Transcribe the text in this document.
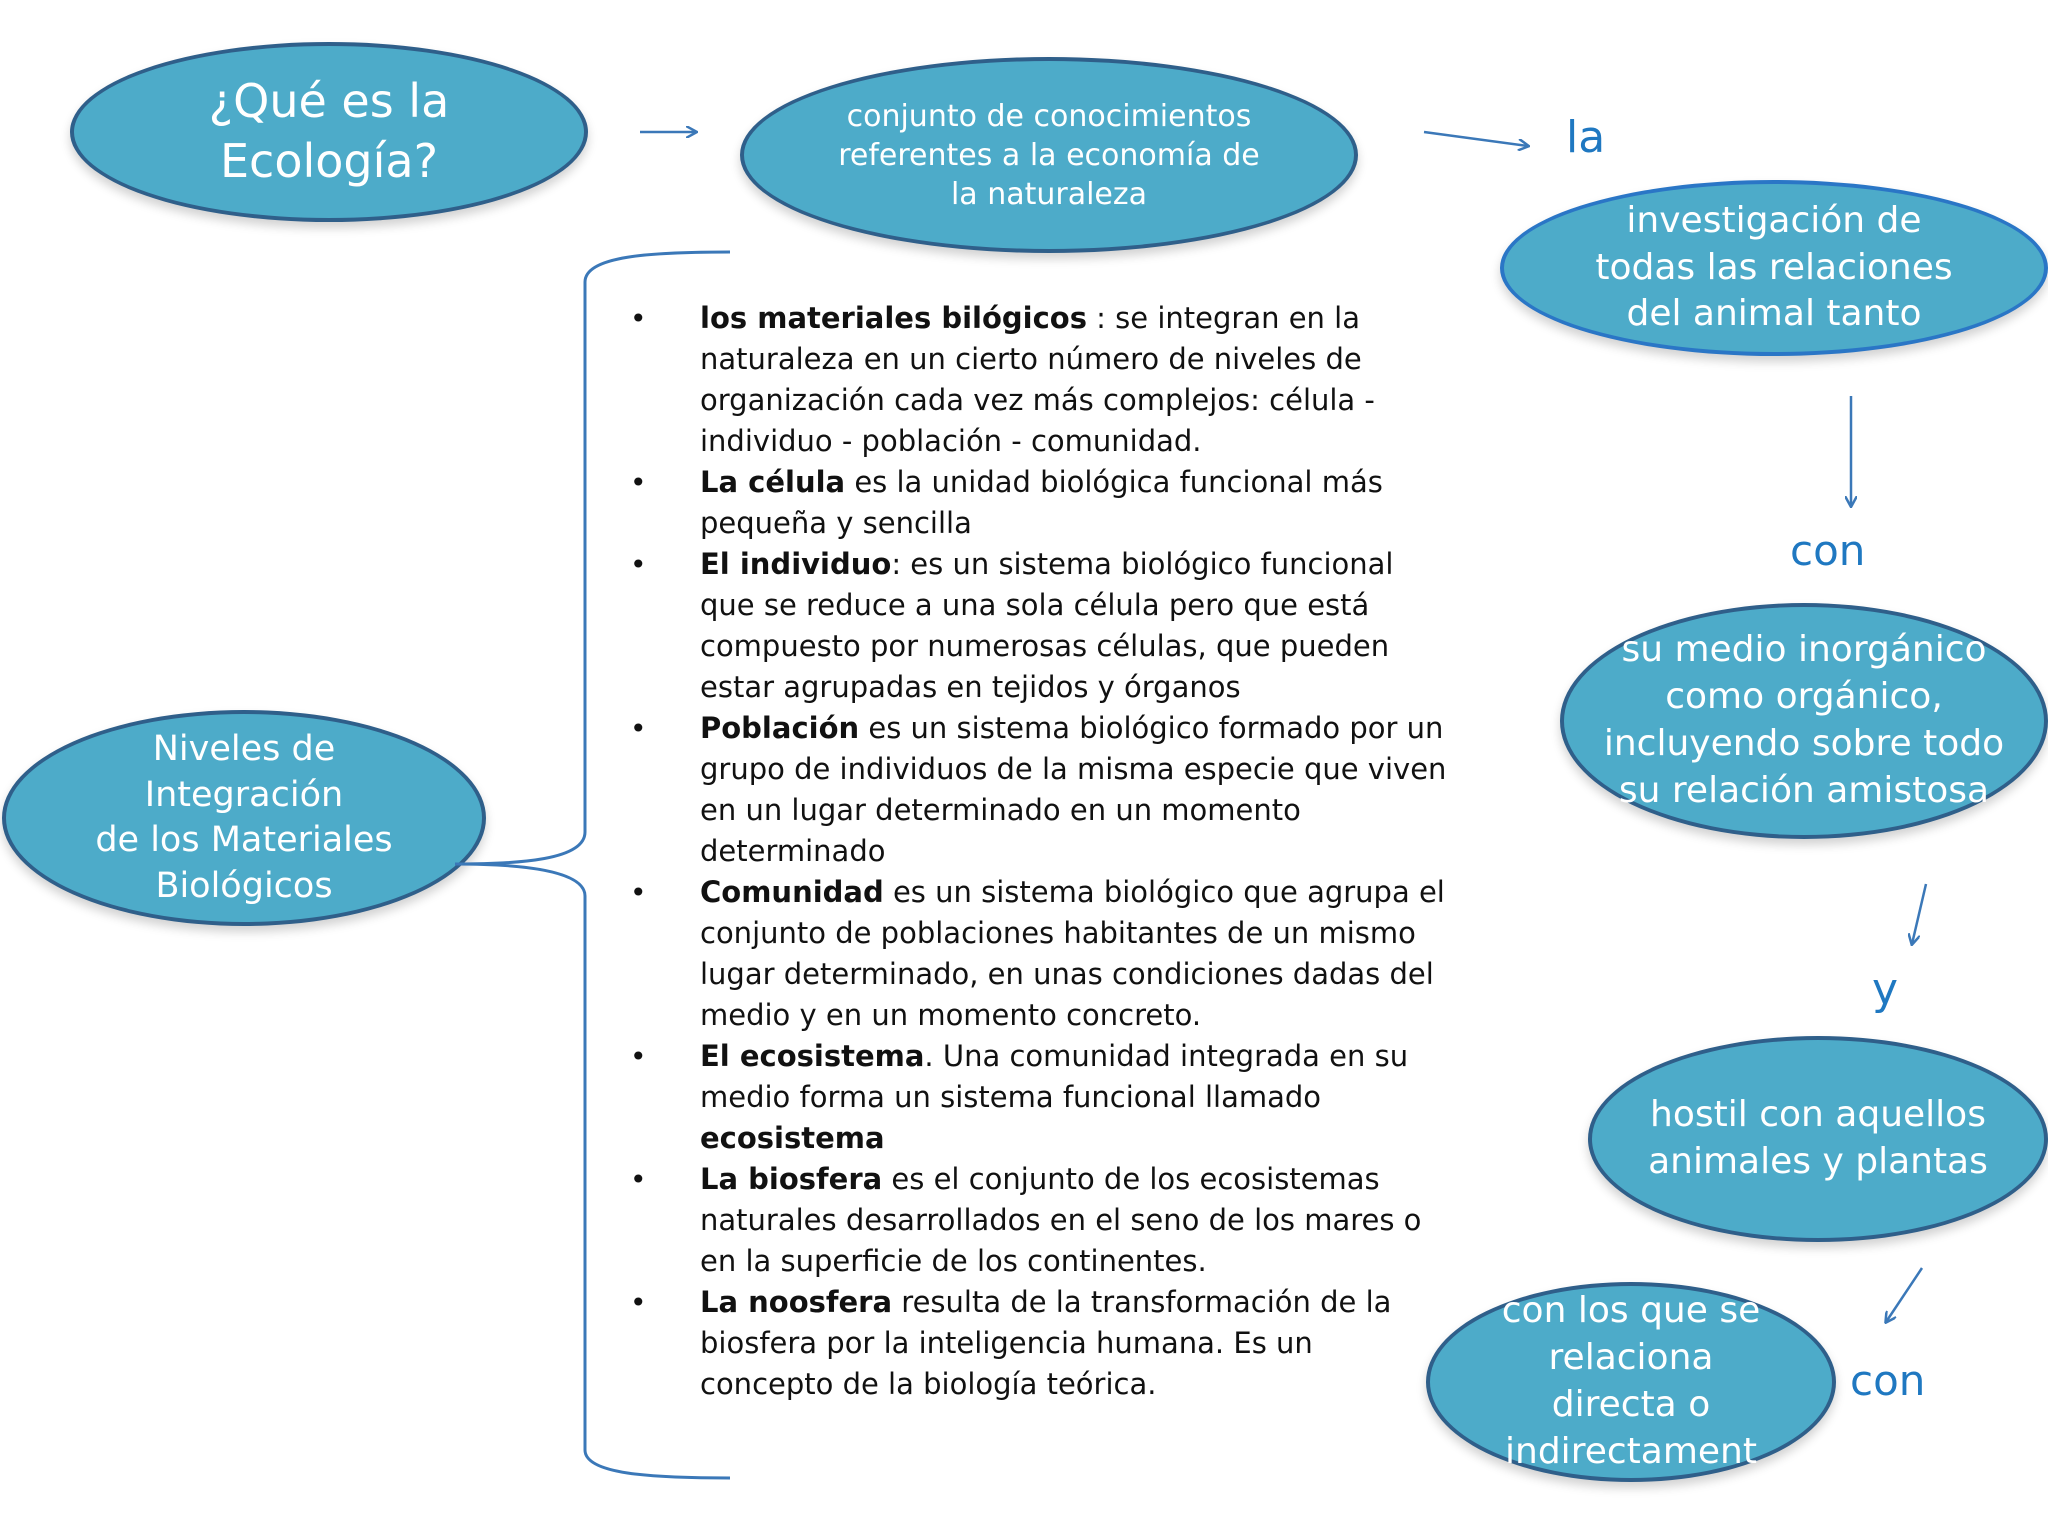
¿Qué es la
Ecología?
conjunto de conocimientos
referentes a la economía de
la naturaleza
investigación de
todas las relaciones
del animal tanto
su medio inorgánico
como orgánico,
incluyendo sobre todo
su relación amistosa
hostil con aquellos
animales y plantas
con los que se
relaciona
directa o
indirectament
Niveles de
Integración
de los Materiales
Biológicos
la
con
y
con
• los materiales bilógicos : se integran en la naturaleza en un cierto número de niveles de organización cada vez más complejos: célula - individuo - población - comunidad.
• La célula es la unidad biológica funcional más pequeña y sencilla
• El individuo: es un sistema biológico funcional que se reduce a una sola célula pero que está compuesto por numerosas células, que pueden estar agrupadas en tejidos y órganos
• Población es un sistema biológico formado por un grupo de individuos de la misma especie que viven en un lugar determinado en un momento determinado
• Comunidad es un sistema biológico que agrupa el conjunto de poblaciones habitantes de un mismo lugar determinado, en unas condiciones dadas del medio y en un momento concreto.
• El ecosistema. Una comunidad integrada en su medio forma un sistema funcional llamado ecosistema
• La biosfera es el conjunto de los ecosistemas naturales desarrollados en el seno de los mares o en la superficie de los continentes.
• La noosfera resulta de la transformación de la biosfera por la inteligencia humana. Es un concepto de la biología teórica.
